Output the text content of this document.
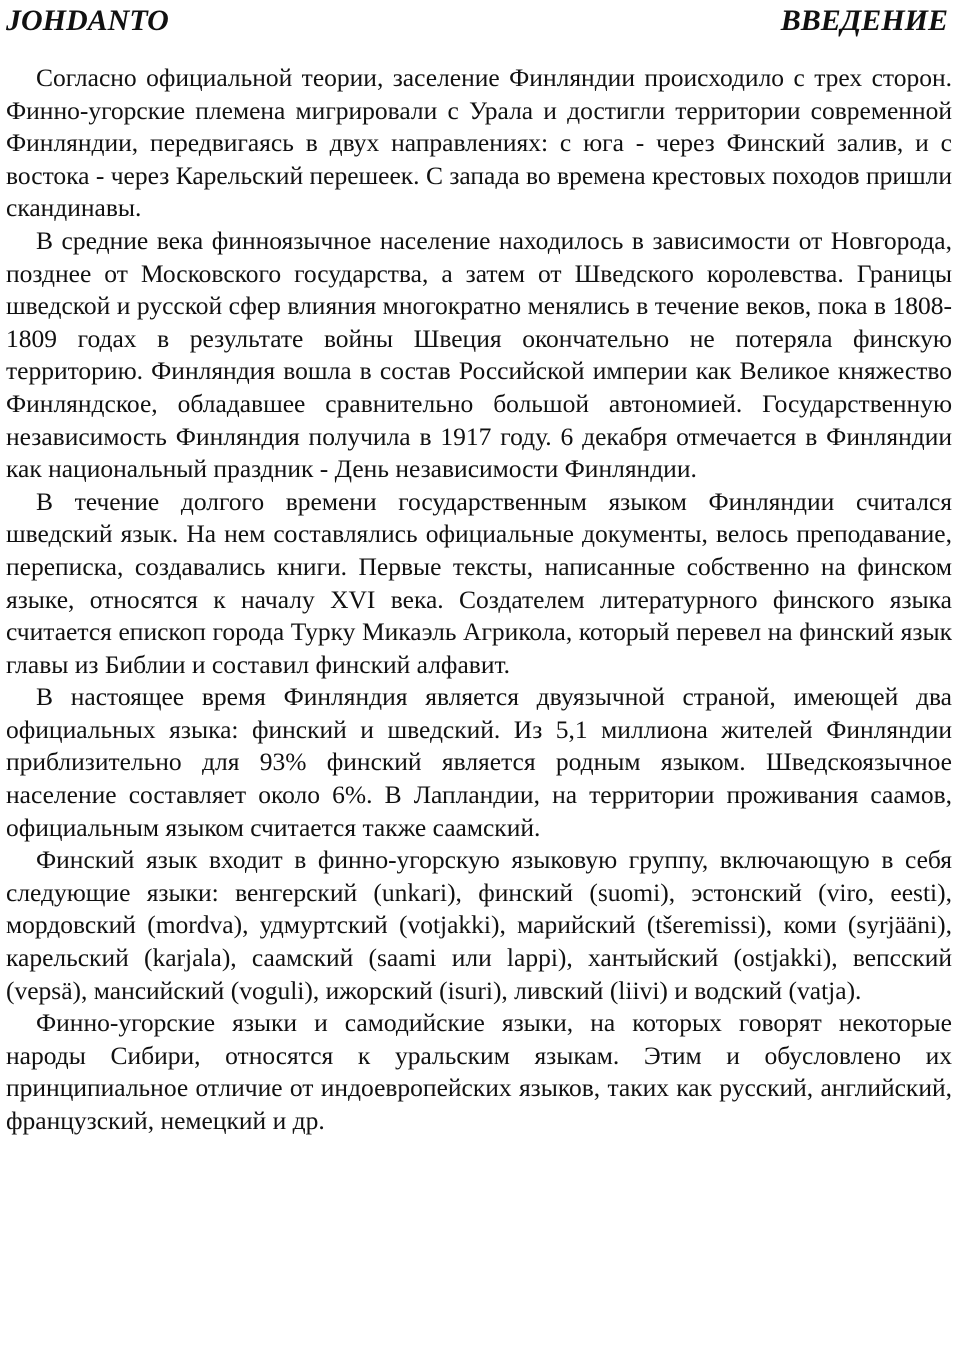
JOHDANTO	ВВЕДЕНИЕ

Согласно официальной теории, заселение Финляндии происходило с трех сторон. Финно-угорские племена мигрировали с Урала и достигли территории современной Финляндии, передвигаясь в двух направлениях: с юга - через Финский залив, и с востока - через Карельский перешеек. С запада во времена крестовых походов пришли скандинавы.

В средние века финноязычное население находилось в зависимости от Новгорода, позднее от Московского государства, а затем от Шведского королевства. Границы шведской и русской сфер влияния многократно менялись в течение веков, пока в 1808-1809 годах в результате войны Швеция окончательно не потеряла финскую территорию. Финляндия вошла в состав Российской империи как Великое княжество Финляндское, обладавшее сравнительно большой автономией. Государственную независимость Финляндия получила в 1917 году. 6 декабря отмечается в Финляндии как национальный праздник - День независимости Финляндии.

В течение долгого времени государственным языком Финляндии считался шведский язык. На нем составлялись официальные документы, велось преподавание, переписка, создавались книги. Первые тексты, написанные собственно на финском языке, относятся к началу XVI века. Создателем литературного финского языка считается епископ города Турку Микаэль Агрикола, который перевел на финский язык главы из Библии и составил финский алфавит.

В настоящее время Финляндия является двуязычной страной, имеющей два официальных языка: финский и шведский. Из 5,1 миллиона жителей Финляндии приблизительно для 93% финский является родным языком. Шведскоязычное население составляет около 6%. В Лапландии, на территории проживания саамов, официальным языком считается также саамский.

Финский язык входит в финно-угорскую языковую группу, включающую в себя следующие языки: венгерский (unkari), финский (suomi), эстонский (viro, eesti), мордовский (mordva), удмуртский (votjakki), марийский (tšeremissi), коми (syrjääni), карельский (karjala), саамский (saami или lappi), хантыйский (ostjakki), вепсский (vepsä), мансийский (voguli), ижорский (isuri), ливский (liivi) и водский (vatja).

Финно-угорские языки и самодийские языки, на которых говорят некоторые народы Сибири, относятся к уральским языкам. Этим и обусловлено их принципиальное отличие от индоевропейских языков, таких как русский, английский, французский, немецкий и др.
